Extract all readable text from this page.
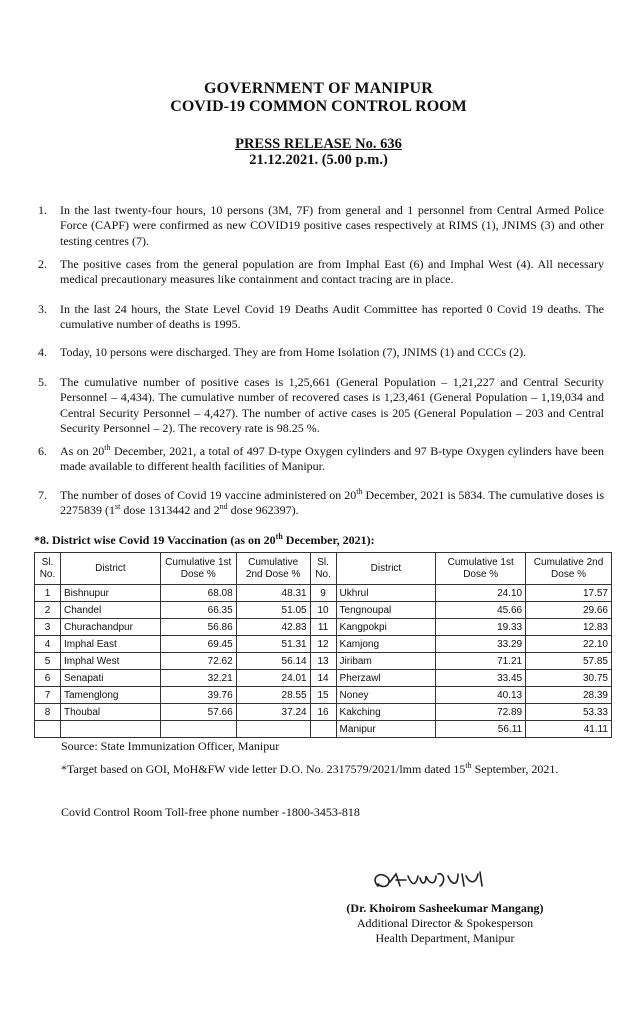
GOVERNMENT OF MANIPUR
COVID-19 COMMON CONTROL ROOM
PRESS RELEASE No. 636
21.12.2021. (5.00 p.m.)
1. In the last twenty-four hours, 10 persons (3M, 7F) from general and 1 personnel from Central Armed Police Force (CAPF) were confirmed as new COVID19 positive cases respectively at RIMS (1), JNIMS (3) and other testing centres (7).
2. The positive cases from the general population are from Imphal East (6) and Imphal West (4). All necessary medical precautionary measures like containment and contact tracing are in place.
3. In the last 24 hours, the State Level Covid 19 Deaths Audit Committee has reported 0 Covid 19 deaths. The cumulative number of deaths is 1995.
4. Today, 10 persons were discharged. They are from Home Isolation (7), JNIMS (1) and CCCs (2).
5. The cumulative number of positive cases is 1,25,661 (General Population – 1,21,227 and Central Security Personnel – 4,434). The cumulative number of recovered cases is 1,23,461 (General Population – 1,19,034 and Central Security Personnel – 4,427). The number of active cases is 205 (General Population – 203 and Central Security Personnel – 2). The recovery rate is 98.25 %.
6. As on 20th December, 2021, a total of 497 D-type Oxygen cylinders and 97 B-type Oxygen cylinders have been made available to different health facilities of Manipur.
7. The number of doses of Covid 19 vaccine administered on 20th December, 2021 is 5834. The cumulative doses is 2275839 (1st dose 1313442 and 2nd dose 962397).
*8. District wise Covid 19 Vaccination (as on 20th December, 2021):
Sl. No.	District	Cumulative 1st Dose %	Cumulative 2nd Dose %	Sl. No.	District	Cumulative 1st Dose %	Cumulative 2nd Dose %
1	Bishnupur	68.08	48.31	9	Ukhrul	24.10	17.57
2	Chandel	66.35	51.05	10	Tengnoupal	45.66	29.66
3	Churachandpur	56.86	42.83	11	Kangpokpi	19.33	12.83
4	Imphal East	69.45	51.31	12	Kamjong	33.29	22.10
5	Imphal West	72.62	56.14	13	Jiribam	71.21	57.85
6	Senapati	32.21	24.01	14	Pherzawl	33.45	30.75
7	Tamenglong	39.76	28.55	15	Noney	40.13	28.39
8	Thoubal	57.66	37.24	16	Kakching	72.89	53.33
					Manipur	56.11	41.11
Source: State Immunization Officer, Manipur
*Target based on GOI, MoH&FW vide letter D.O. No. 2317579/2021/lmm dated 15th September, 2021.
Covid Control Room Toll-free phone number -1800-3453-818
(Dr. Khoirom Sasheekumar Mangang)
Additional Director & Spokesperson
Health Department, Manipur
